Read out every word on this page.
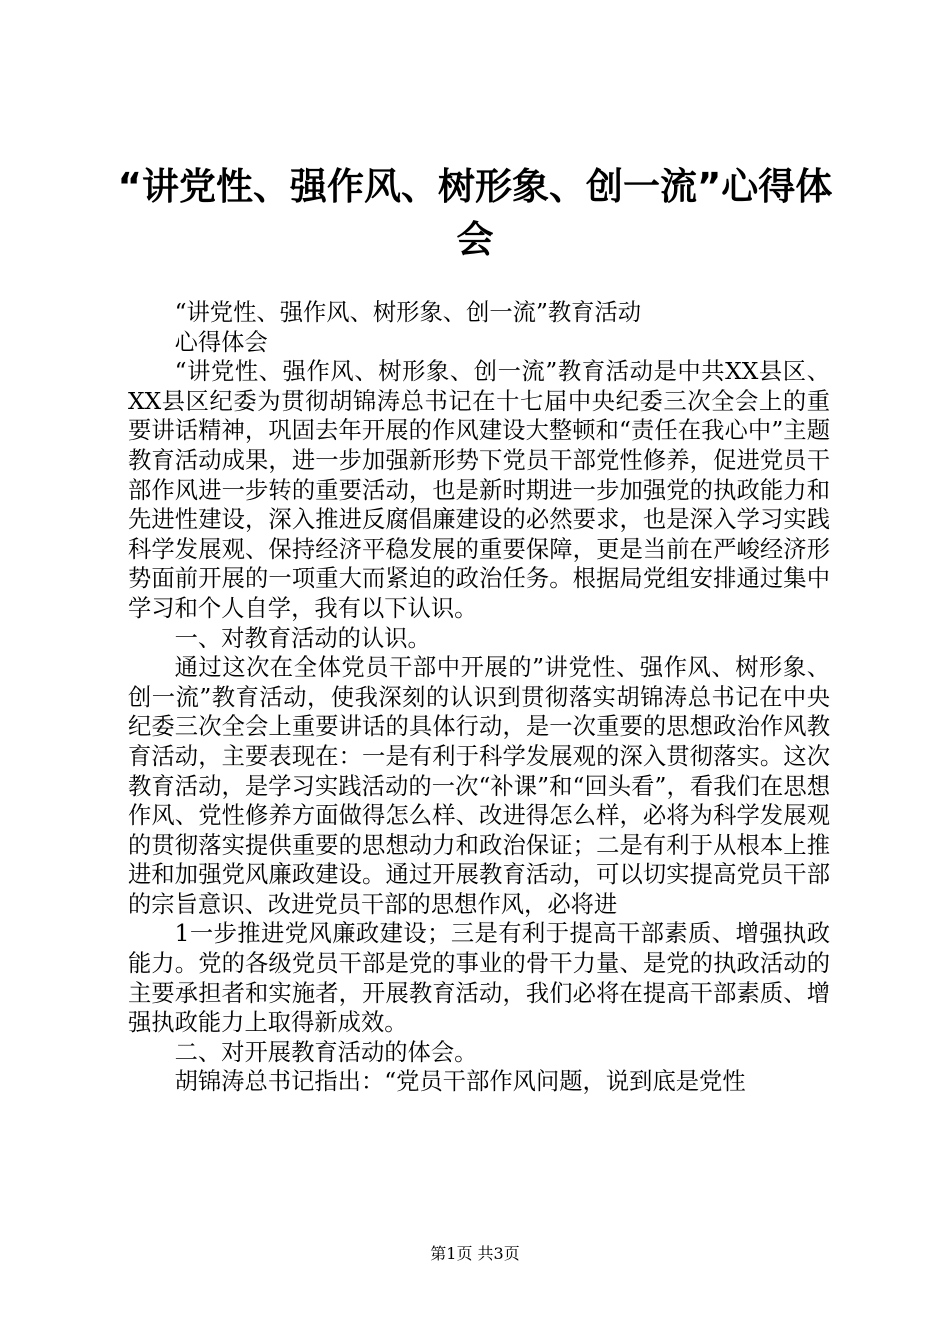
“讲党性、强作风、树形象、创一流”心得体会

“讲党性、强作风、树形象、创一流”教育活动

心得体会

“讲党性、强作风、树形象、创一流”教育活动是中共XX县区、XX县区纪委为贯彻胡锦涛总书记在十七届中央纪委三次全会上的重要讲话精神，巩固去年开展的作风建设大整顿和“责任在我心中”主题教育活动成果，进一步加强新形势下党员干部党性修养，促进党员干部作风进一步转的重要活动，也是新时期进一步加强党的执政能力和先进性建设，深入推进反腐倡廉建设的必然要求，也是深入学习实践科学发展观、保持经济平稳发展的重要保障，更是当前在严峻经济形势面前开展的一项重大而紧迫的政治任务。根据局党组安排通过集中学习和个人自学，我有以下认识。

一、对教育活动的认识。

通过这次在全体党员干部中开展的”讲党性、强作风、树形象、创一流”教育活动，使我深刻的认识到贯彻落实胡锦涛总书记在中央纪委三次全会上重要讲话的具体行动，是一次重要的思想政治作风教育活动，主要表现在：一是有利于科学发展观的深入贯彻落实。这次教育活动，是学习实践活动的一次“补课”和“回头看”，看我们在思想作风、党性修养方面做得怎么样、改进得怎么样，必将为科学发展观的贯彻落实提供重要的思想动力和政治保证；二是有利于从根本上推进和加强党风廉政建设。通过开展教育活动，可以切实提高党员干部的宗旨意识、改进党员干部的思想作风，必将进

1一步推进党风廉政建设；三是有利于提高干部素质、增强执政能力。党的各级党员干部是党的事业的骨干力量、是党的执政活动的主要承担者和实施者，开展教育活动，我们必将在提高干部素质、增强执政能力上取得新成效。

二、对开展教育活动的体会。

胡锦涛总书记指出：“党员干部作风问题，说到底是党性

第1页 共3页
